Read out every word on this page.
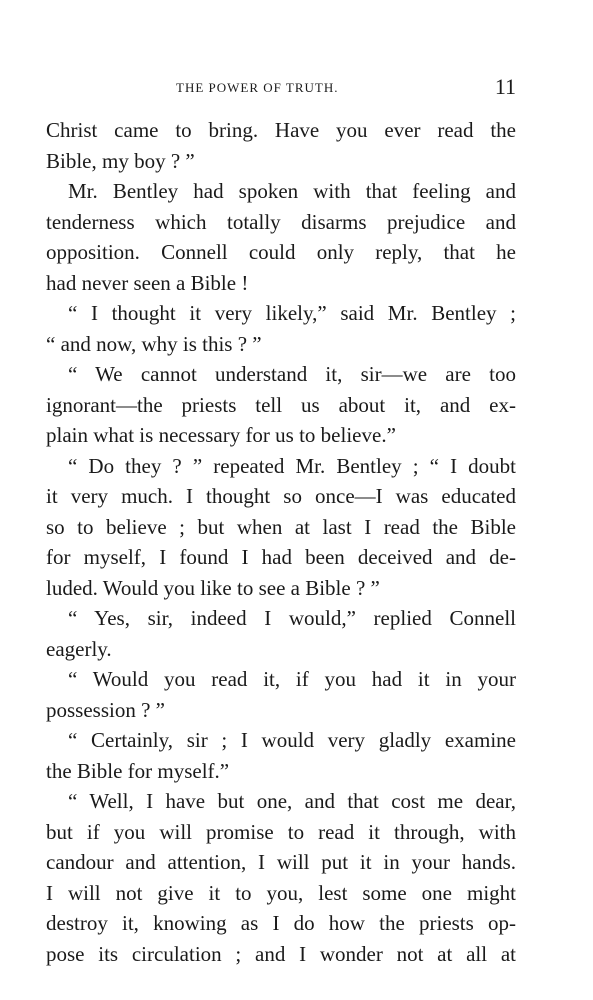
THE POWER OF TRUTH.	11
Christ came to bring. Have you ever read the
Bible, my boy ? ”
Mr. Bentley had spoken with that feeling and
tenderness which totally disarms prejudice and
opposition. Connell could only reply, that he
had never seen a Bible !
“ I thought it very likely,” said Mr. Bentley ;
“ and now, why is this ? ”
“ We cannot understand it, sir—we are too
ignorant—the priests tell us about it, and ex-
plain what is necessary for us to believe.”
“ Do they ? ” repeated Mr. Bentley ; “ I doubt
it very much. I thought so once—I was educated
so to believe ; but when at last I read the Bible
for myself, I found I had been deceived and de-
luded. Would you like to see a Bible ? ”
“ Yes, sir, indeed I would,” replied Connell
eagerly.
“ Would you read it, if you had it in your
possession ? ”
“ Certainly, sir ; I would very gladly examine
the Bible for myself.”
“ Well, I have but one, and that cost me dear,
but if you will promise to read it through, with
candour and attention, I will put it in your hands.
I will not give it to you, lest some one might
destroy it, knowing as I do how the priests op-
pose its circulation ; and I wonder not at all at
